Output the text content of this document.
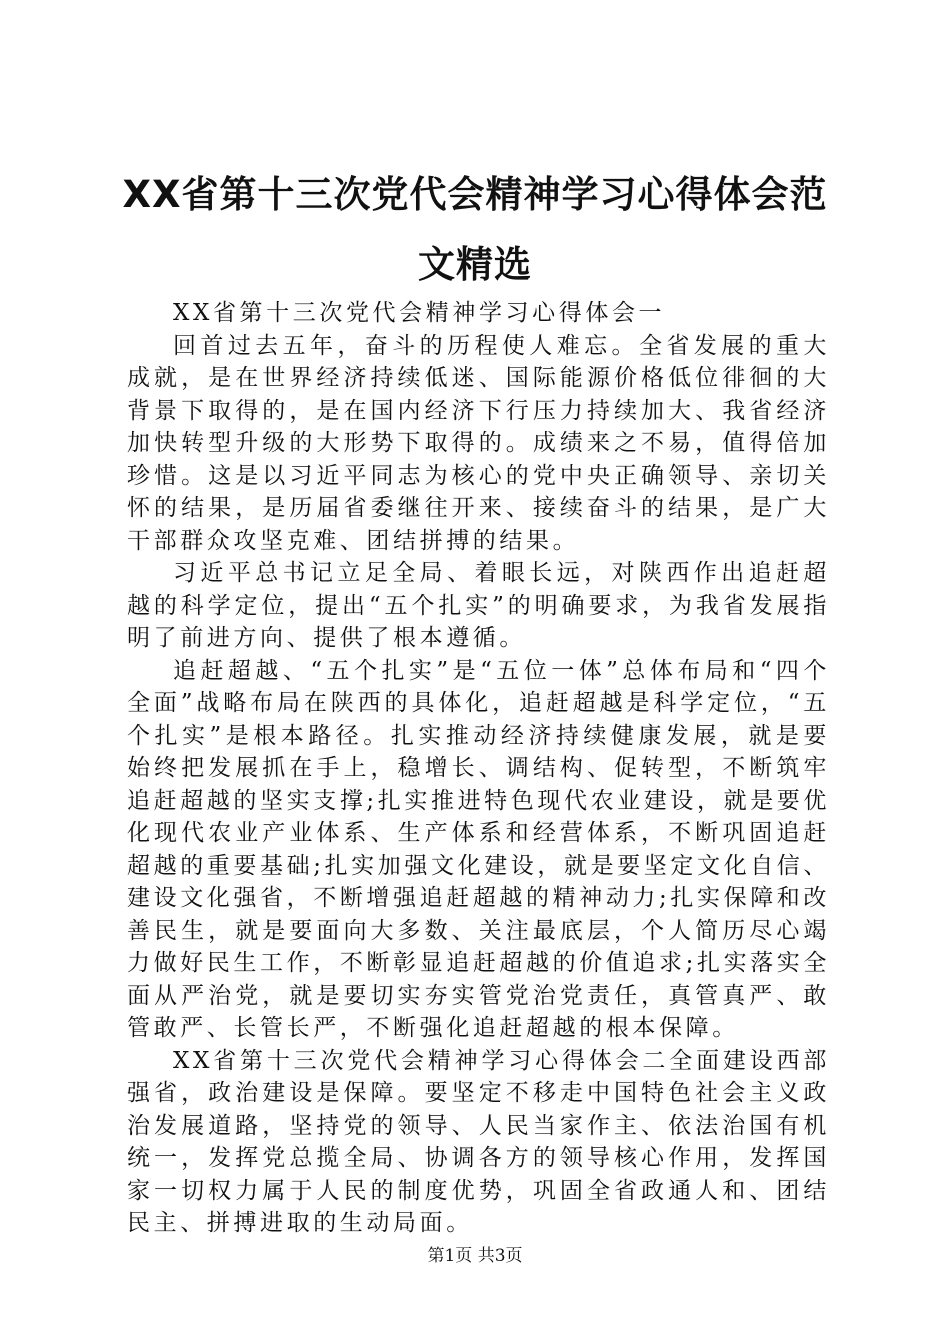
XX省第十三次党代会精神学习心得体会范文精选

XX省第十三次党代会精神学习心得体会一

回首过去五年，奋斗的历程使人难忘。全省发展的重大成就，是在世界经济持续低迷、国际能源价格低位徘徊的大背景下取得的，是在国内经济下行压力持续加大、我省经济加快转型升级的大形势下取得的。成绩来之不易，值得倍加珍惜。这是以习近平同志为核心的党中央正确领导、亲切关怀的结果，是历届省委继往开来、接续奋斗的结果，是广大干部群众攻坚克难、团结拼搏的结果。

习近平总书记立足全局、着眼长远，对陕西作出追赶超越的科学定位，提出“五个扎实”的明确要求，为我省发展指明了前进方向、提供了根本遵循。

追赶超越、“五个扎实”是“五位一体”总体布局和“四个全面”战略布局在陕西的具体化，追赶超越是科学定位，“五个扎实”是根本路径。扎实推动经济持续健康发展，就是要始终把发展抓在手上，稳增长、调结构、促转型，不断筑牢追赶超越的坚实支撑;扎实推进特色现代农业建设，就是要优化现代农业产业体系、生产体系和经营体系，不断巩固追赶超越的重要基础;扎实加强文化建设，就是要坚定文化自信、建设文化强省，不断增强追赶超越的精神动力;扎实保障和改善民生，就是要面向大多数、关注最底层，个人简历尽心竭力做好民生工作，不断彰显追赶超越的价值追求;扎实落实全面从严治党，就是要切实夯实管党治党责任，真管真严、敢管敢严、长管长严，不断强化追赶超越的根本保障。

XX省第十三次党代会精神学习心得体会二全面建设西部强省，政治建设是保障。要坚定不移走中国特色社会主义政治发展道路，坚持党的领导、人民当家作主、依法治国有机统一，发挥党总揽全局、协调各方的领导核心作用，发挥国家一切权力属于人民的制度优势，巩固全省政通人和、团结民主、拼搏进取的生动局面。

第1页 共3页
